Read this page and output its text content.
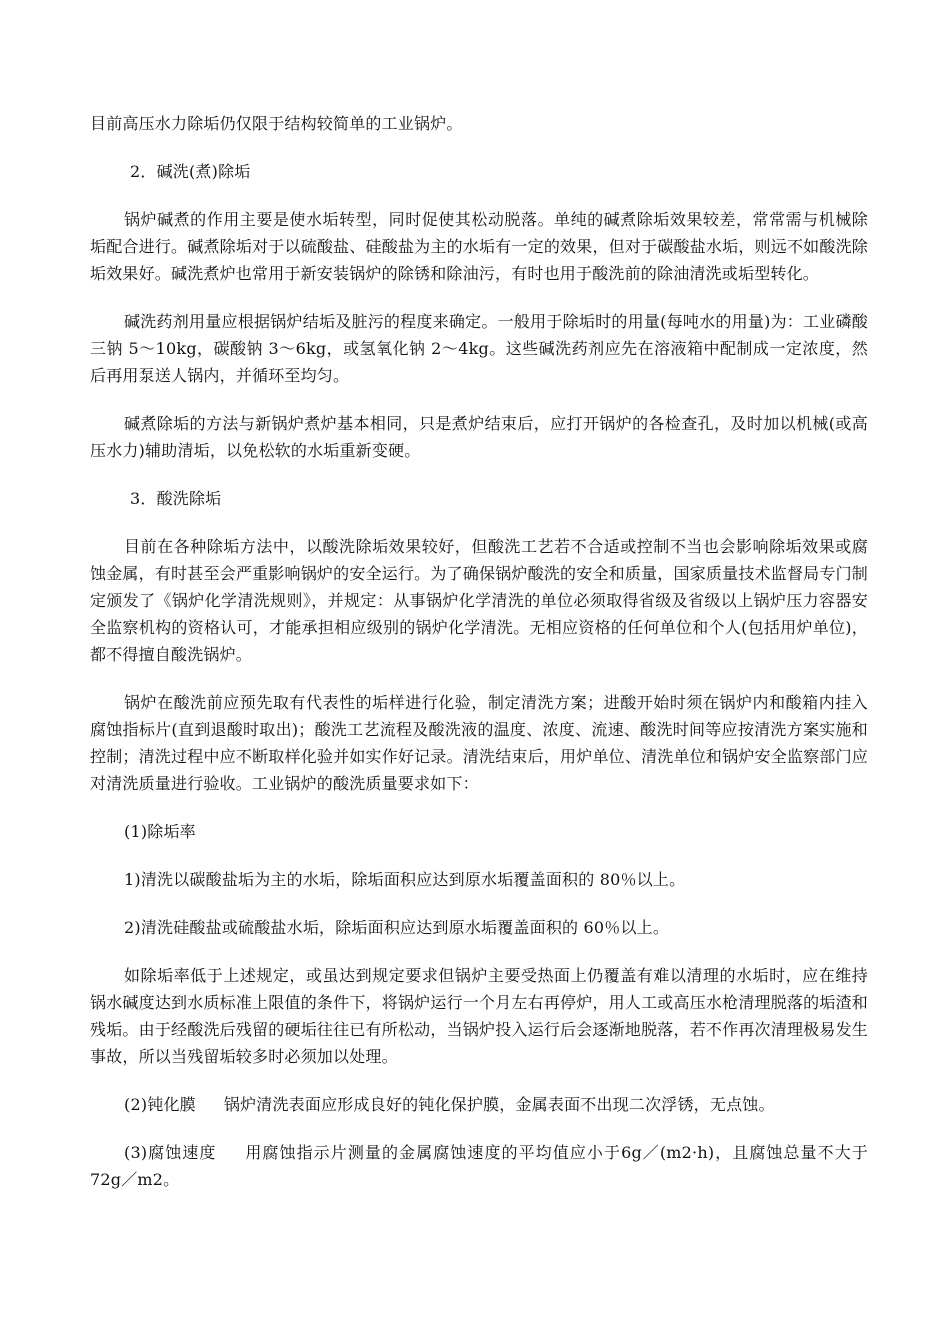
目前高压水力除垢仍仅限于结构较简单的工业锅炉。

2．碱洗(煮)除垢

锅炉碱煮的作用主要是使水垢转型，同时促使其松动脱落。单纯的碱煮除垢效果较差，常常需与机械除垢配合进行。碱煮除垢对于以硫酸盐、硅酸盐为主的水垢有一定的效果，但对于碳酸盐水垢，则远不如酸洗除垢效果好。碱洗煮炉也常用于新安装锅炉的除锈和除油污，有时也用于酸洗前的除油清洗或垢型转化。

碱洗药剂用量应根据锅炉结垢及脏污的程度来确定。一般用于除垢时的用量(每吨水的用量)为：工业磷酸三钠 5～10kg，碳酸钠 3～6kg，或氢氧化钠 2～4kg。这些碱洗药剂应先在溶液箱中配制成一定浓度，然后再用泵送人锅内，并循环至均匀。

碱煮除垢的方法与新锅炉煮炉基本相同，只是煮炉结束后，应打开锅炉的各检查孔，及时加以机械(或高压水力)辅助清垢，以免松软的水垢重新变硬。

3．酸洗除垢

目前在各种除垢方法中，以酸洗除垢效果较好，但酸洗工艺若不合适或控制不当也会影响除垢效果或腐蚀金属，有时甚至会严重影响锅炉的安全运行。为了确保锅炉酸洗的安全和质量，国家质量技术监督局专门制定颁发了《锅炉化学清洗规则》，并规定：从事锅炉化学清洗的单位必须取得省级及省级以上锅炉压力容器安全监察机构的资格认可，才能承担相应级别的锅炉化学清洗。无相应资格的任何单位和个人(包括用炉单位)，都不得擅自酸洗锅炉。

锅炉在酸洗前应预先取有代表性的垢样进行化验，制定清洗方案；进酸开始时须在锅炉内和酸箱内挂入腐蚀指标片(直到退酸时取出)；酸洗工艺流程及酸洗液的温度、浓度、流速、酸洗时间等应按清洗方案实施和控制；清洗过程中应不断取样化验并如实作好记录。清洗结束后，用炉单位、清洗单位和锅炉安全监察部门应对清洗质量进行验收。工业锅炉的酸洗质量要求如下：

(1)除垢率

1)清洗以碳酸盐垢为主的水垢，除垢面积应达到原水垢覆盖面积的 80％以上。

2)清洗硅酸盐或硫酸盐水垢，除垢面积应达到原水垢覆盖面积的 60％以上。

如除垢率低于上述规定，或虽达到规定要求但锅炉主要受热面上仍覆盖有难以清理的水垢时，应在维持锅水碱度达到水质标准上限值的条件下，将锅炉运行一个月左右再停炉，用人工或高压水枪清理脱落的垢渣和残垢。由于经酸洗后残留的硬垢往往已有所松动，当锅炉投入运行后会逐渐地脱落，若不作再次清理极易发生事故，所以当残留垢较多时必须加以处理。

(2)钝化膜 锅炉清洗表面应形成良好的钝化保护膜，金属表面不出现二次浮锈，无点蚀。

(3)腐蚀速度 用腐蚀指示片测量的金属腐蚀速度的平均值应小于6g／(m2·h)，且腐蚀总量不大于 72g／m2。
